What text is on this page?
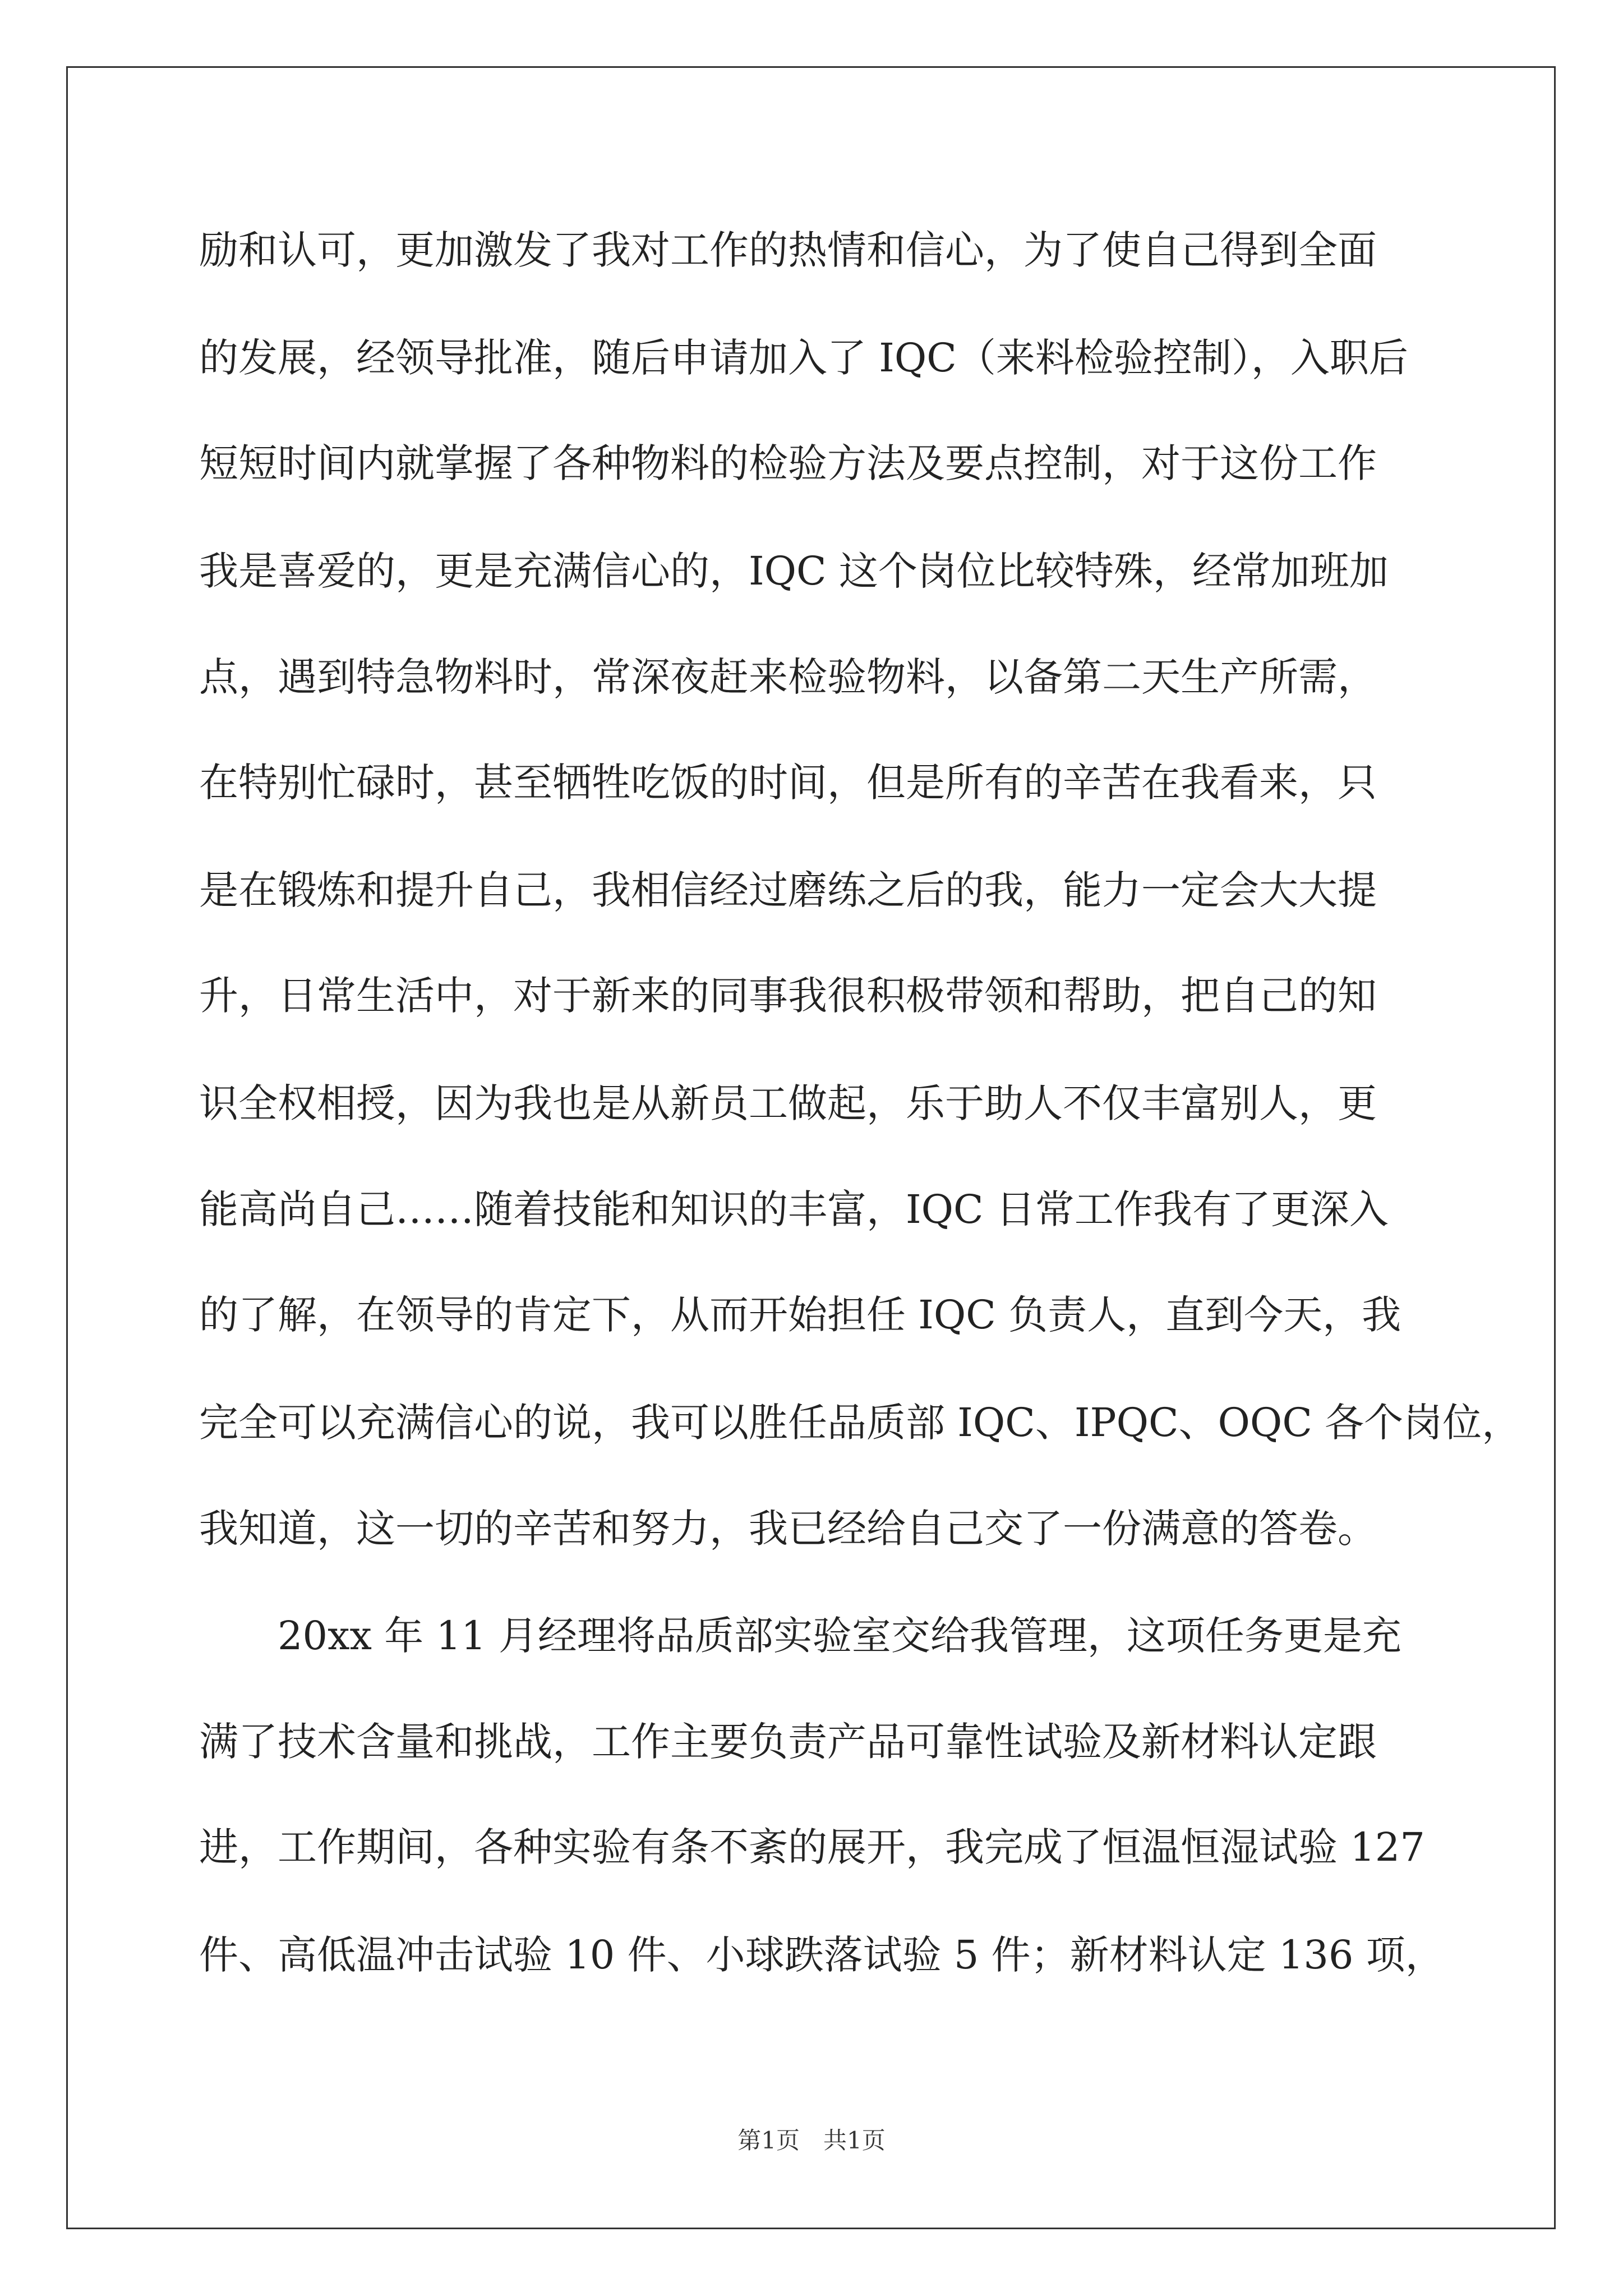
励和认可，更加激发了我对工作的热情和信心，为了使自己得到全面
的发展，经领导批准，随后申请加入了 IQC（来料检验控制），入职后
短短时间内就掌握了各种物料的检验方法及要点控制，对于这份工作
我是喜爱的，更是充满信心的，IQC 这个岗位比较特殊，经常加班加
点，遇到特急物料时，常深夜赶来检验物料，以备第二天生产所需，
在特别忙碌时，甚至牺牲吃饭的时间，但是所有的辛苦在我看来，只
是在锻炼和提升自己，我相信经过磨练之后的我，能力一定会大大提
升，日常生活中，对于新来的同事我很积极带领和帮助，把自己的知
识全权相授，因为我也是从新员工做起，乐于助人不仅丰富别人，更
能高尚自己……随着技能和知识的丰富，IQC 日常工作我有了更深入
的了解，在领导的肯定下，从而开始担任 IQC 负责人，直到今天，我
完全可以充满信心的说，我可以胜任品质部 IQC、IPQC、OQC 各个岗位，
我知道，这一切的辛苦和努力，我已经给自己交了一份满意的答卷。
20xx 年 11 月经理将品质部实验室交给我管理，这项任务更是充
满了技术含量和挑战，工作主要负责产品可靠性试验及新材料认定跟
进，工作期间，各种实验有条不紊的展开，我完成了恒温恒湿试验 127
件、高低温冲击试验 10 件、小球跌落试验 5 件；新材料认定 136 项，
第1页　共1页
